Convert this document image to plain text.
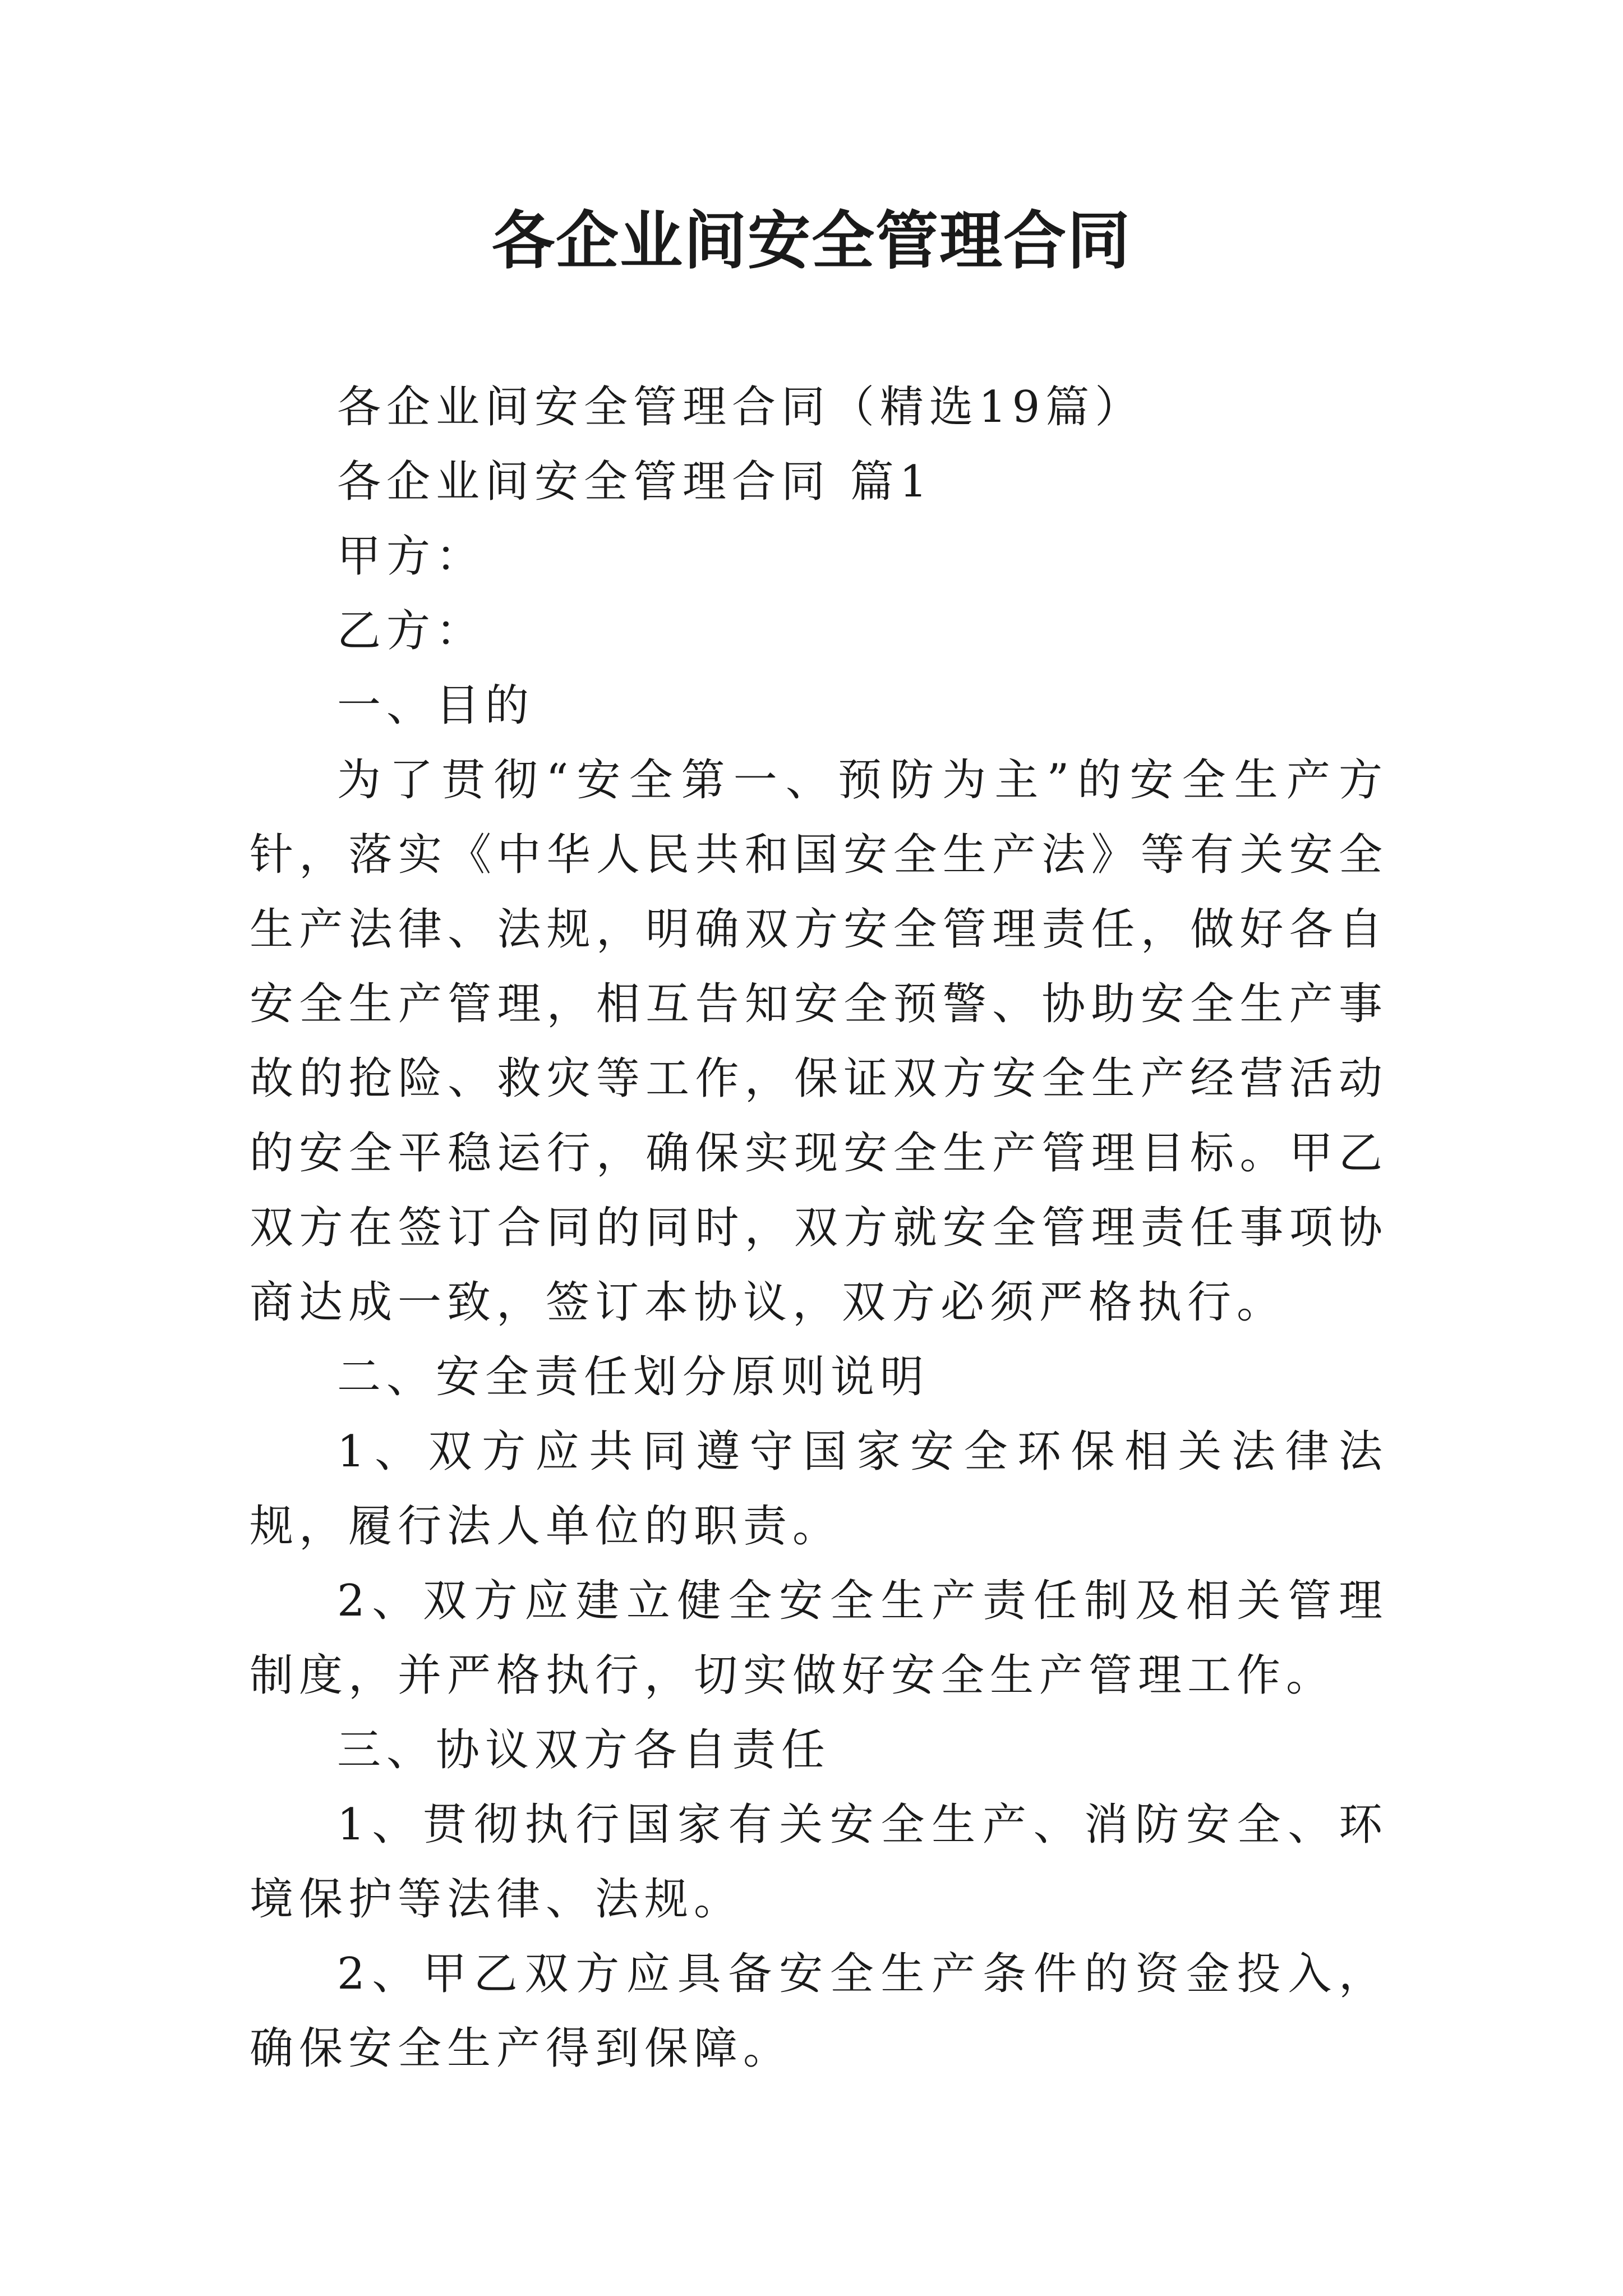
各企业间安全管理合同

各企业间安全管理合同（精选19篇）

各企业间安全管理合同 篇1

甲方：

乙方：

一、目的

为了贯彻“安全第一、预防为主”的安全生产方针，落实《中华人民共和国安全生产法》等有关安全生产法律、法规，明确双方安全管理责任，做好各自安全生产管理，相互告知安全预警、协助安全生产事故的抢险、救灾等工作，保证双方安全生产经营活动的安全平稳运行，确保实现安全生产管理目标。甲乙双方在签订合同的同时，双方就安全管理责任事项协商达成一致，签订本协议，双方必须严格执行。

二、安全责任划分原则说明

1、双方应共同遵守国家安全环保相关法律法规，履行法人单位的职责。

2、双方应建立健全安全生产责任制及相关管理制度，并严格执行，切实做好安全生产管理工作。

三、协议双方各自责任

1、贯彻执行国家有关安全生产、消防安全、环境保护等法律、法规。

2、甲乙双方应具备安全生产条件的资金投入，确保安全生产得到保障。
